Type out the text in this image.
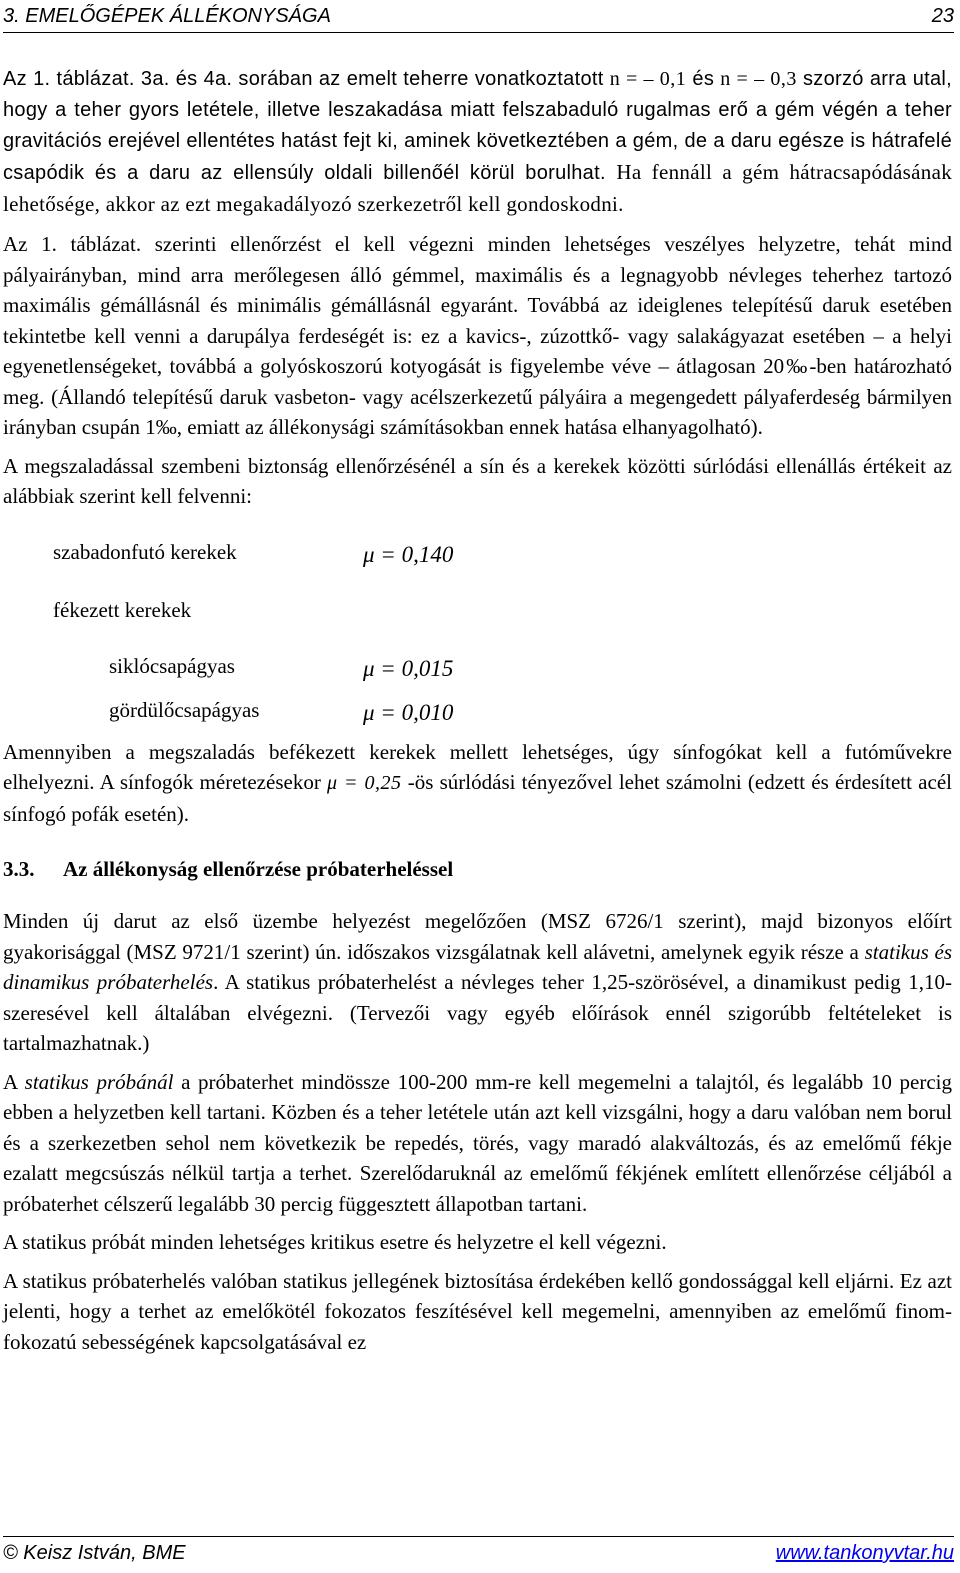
3. EMELŐGÉPEK ÁLLÉKONYSÁGA	23

Az 1. táblázat. 3a. és 4a. sorában az emelt teherre vonatkoztatott n = – 0,1 és n = – 0,3 szorzó arra utal, hogy a teher gyors letétele, illetve leszakadása miatt felszabaduló rugalmas erő a gém végén a teher gravitációs erejével ellentétes hatást fejt ki, aminek következtében a gém, de a daru egésze is hátrafelé csapódik és a daru az ellensúly oldali billenőél körül borulhat. Ha fennáll a gém hátracsapódásának lehetősége, akkor az ezt megakadályozó szerkezetről kell gondoskodni.

Az 1. táblázat. szerinti ellenőrzést el kell végezni minden lehetséges veszélyes helyzetre, tehát mind pályairányban, mind arra merőlegesen álló gémmel, maximális és a legnagyobb névleges teherhez tartozó maximális gémállásnál és minimális gémállásnál egyaránt. Továbbá az ideiglenes telepítésű daruk esetében tekintetbe kell venni a darupálya ferdeségét is: ez a kavics-, zúzottkő- vagy salakágyazat esetében – a helyi egyenetlenségeket, továbbá a golyóskoszorú kotyogását is figyelembe véve – átlagosan 20‰-ben határozható meg. (Állandó telepítésű daruk vasbeton- vagy acélszerkezetű pályáira a megengedett pályaferdeség bármilyen irányban csupán 1‰, emiatt az állékonysági számításokban ennek hatása elhanyagolható).

A megszaladással szembeni biztonság ellenőrzésénél a sín és a kerekek közötti súrlódási ellenállás értékeit az alábbiak szerint kell felvenni:

szabadonfutó kerekek	μ = 0,140
fékezett kerekek
siklócsapágyas	μ = 0,015
gördülőcsapágyas	μ = 0,010

Amennyiben a megszaladás befékezett kerekek mellett lehetséges, úgy sínfogókat kell a futóművekre elhelyezni. A sínfogók méretezésekor μ = 0,25 -ös súrlódási tényezővel lehet számolni (edzett és érdesített acél sínfogó pofák esetén).

3.3. Az állékonyság ellenőrzése próbaterheléssel

Minden új darut az első üzembe helyezést megelőzően (MSZ 6726/1 szerint), majd bizonyos előírt gyakorisággal (MSZ 9721/1 szerint) ún. időszakos vizsgálatnak kell alávetni, amelynek egyik része a statikus és dinamikus próbaterhelés. A statikus próbaterhelést a névleges teher 1,25-szörösével, a dinamikust pedig 1,10-szeresével kell általában elvégezni. (Tervezői vagy egyéb előírások ennél szigorúbb feltételeket is tartalmazhatnak.)

A statikus próbánál a próbaterhet mindössze 100-200 mm-re kell megemelni a talajtól, és legalább 10 percig ebben a helyzetben kell tartani. Közben és a teher letétele után azt kell vizsgálni, hogy a daru valóban nem borul és a szerkezetben sehol nem következik be repedés, törés, vagy maradó alakváltozás, és az emelőmű fékje ezalatt megcsúszás nélkül tartja a terhet. Szerelődaruknál az emelőmű fékjének említett ellenőrzése céljából a próbaterhet célszerű legalább 30 percig függesztett állapotban tartani.

A statikus próbát minden lehetséges kritikus esetre és helyzetre el kell végezni.

A statikus próbaterhelés valóban statikus jellegének biztosítása érdekében kellő gondossággal kell eljárni. Ez azt jelenti, hogy a terhet az emelőkötél fokozatos feszítésével kell megemelni, amennyiben az emelőmű finom-fokozatú sebességének kapcsolgatásával ez

© Keisz István, BME	www.tankonyvtar.hu
